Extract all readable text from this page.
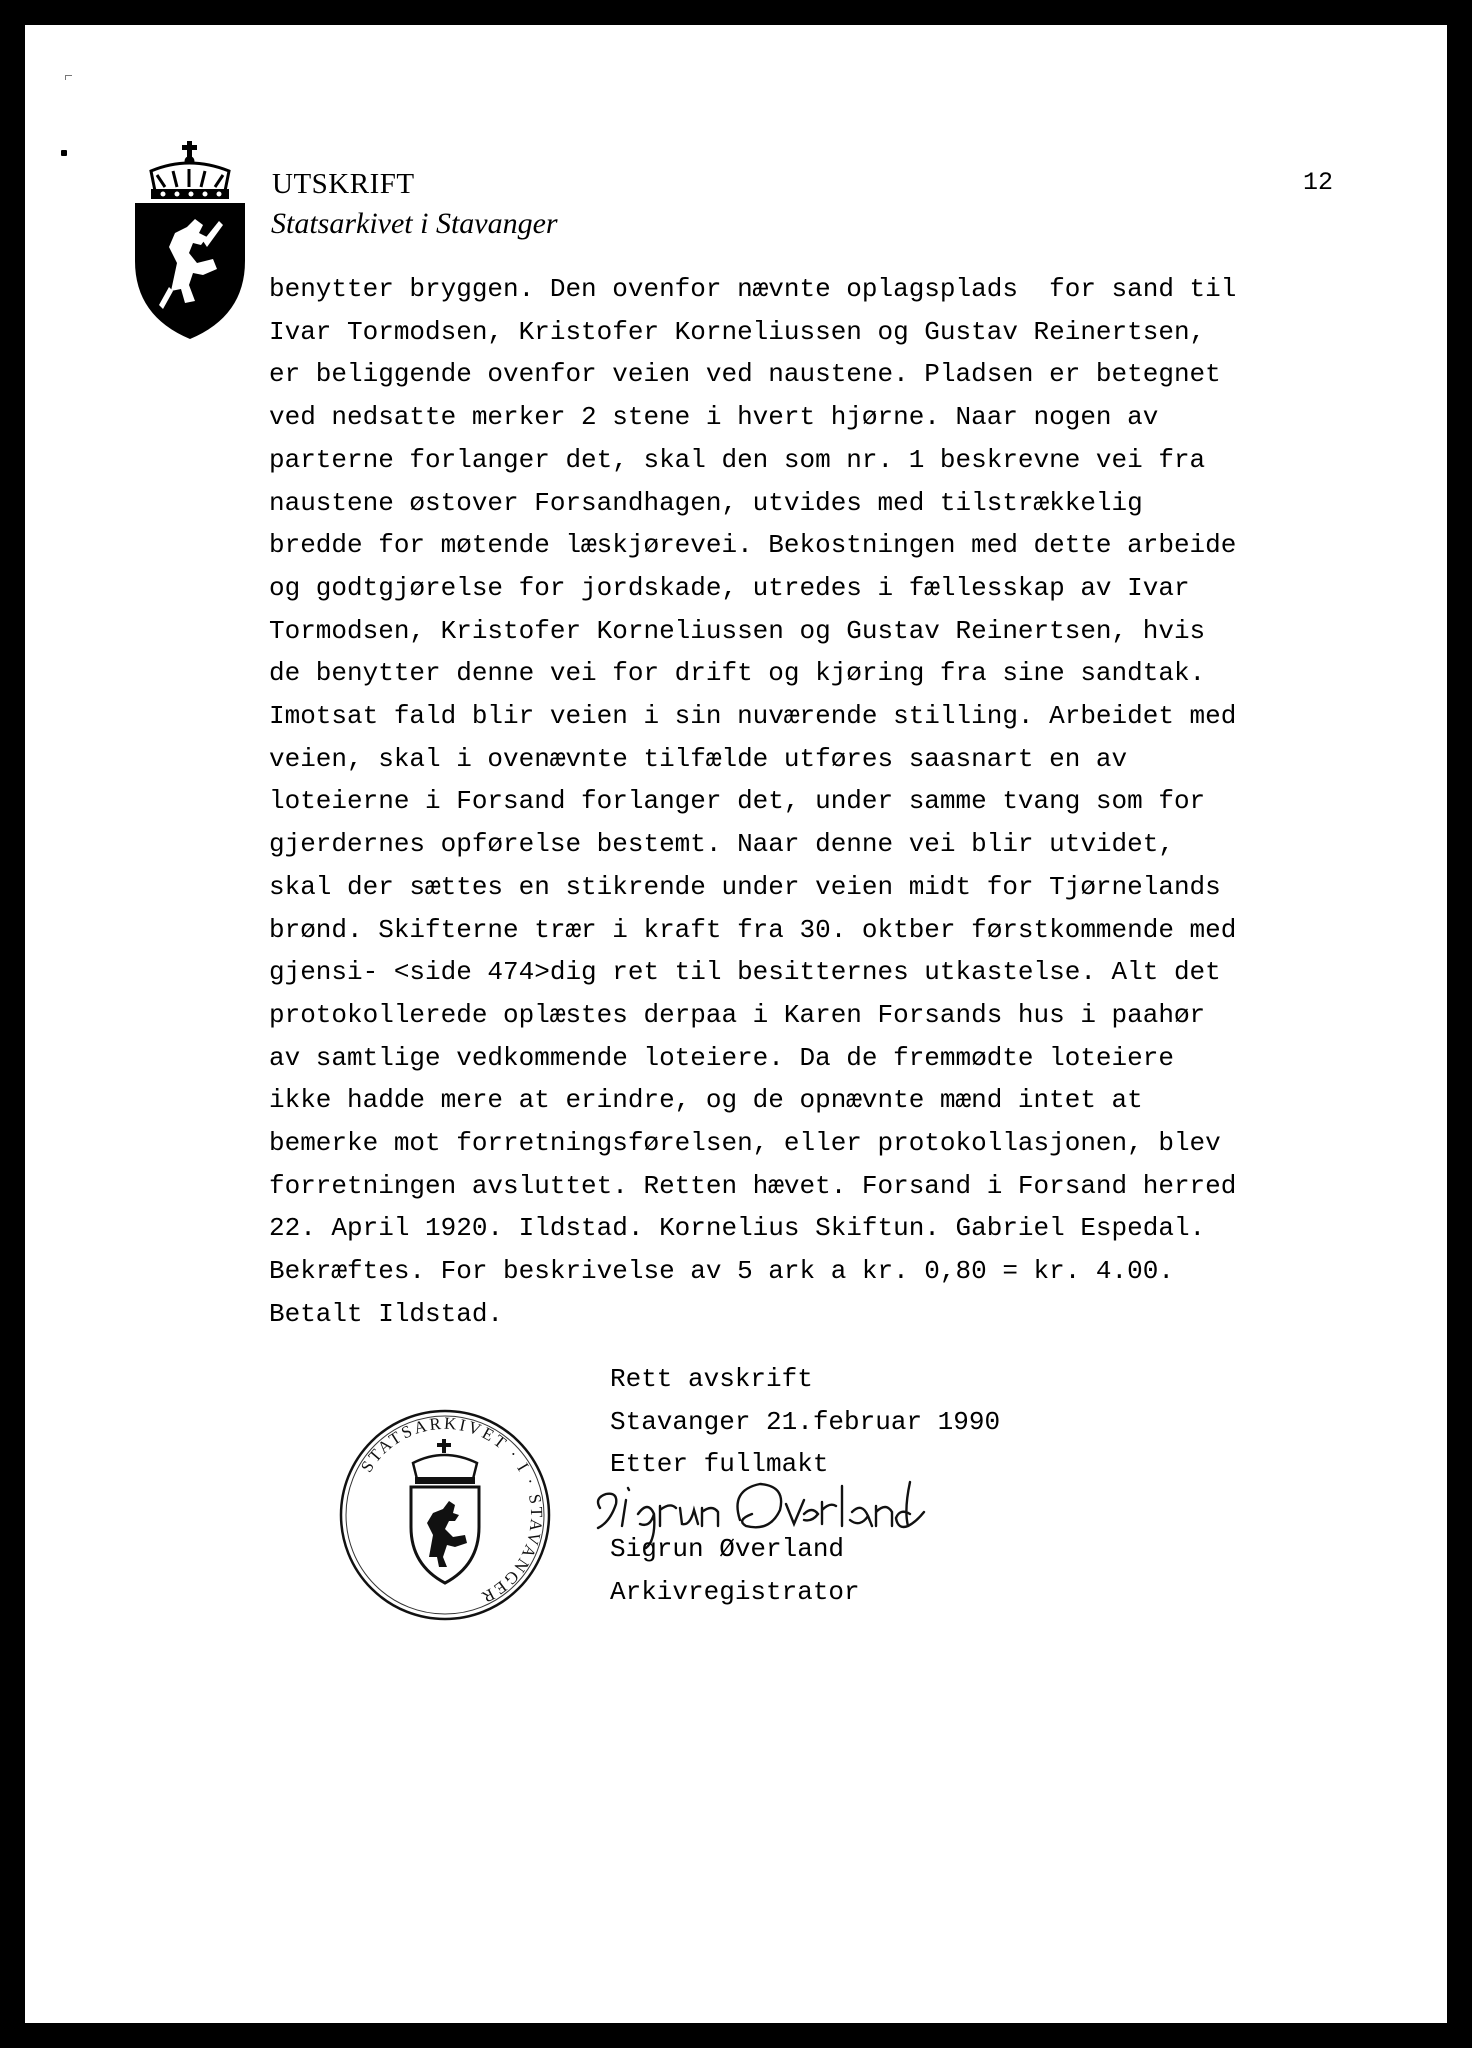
UTSKRIFT
Statsarkivet i Stavanger
12
benytter bryggen. Den ovenfor nævnte oplagsplads  for sand til
Ivar Tormodsen, Kristofer Korneliussen og Gustav Reinertsen,
er beliggende ovenfor veien ved naustene. Pladsen er betegnet
ved nedsatte merker 2 stene i hvert hjørne. Naar nogen av
parterne forlanger det, skal den som nr. 1 beskrevne vei fra
naustene østover Forsandhagen, utvides med tilstrækkelig
bredde for møtende læskjørevei. Bekostningen med dette arbeide
og godtgjørelse for jordskade, utredes i fællesskap av Ivar
Tormodsen, Kristofer Korneliussen og Gustav Reinertsen, hvis
de benytter denne vei for drift og kjøring fra sine sandtak.
Imotsat fald blir veien i sin nuværende stilling. Arbeidet med
veien, skal i ovenævnte tilfælde utføres saasnart en av
loteierne i Forsand forlanger det, under samme tvang som for
gjerdernes opførelse bestemt. Naar denne vei blir utvidet,
skal der sættes en stikrende under veien midt for Tjørnelands
brønd. Skifterne trær i kraft fra 30. oktber førstkommende med
gjensi- <side 474>dig ret til besitternes utkastelse. Alt det
protokollerede oplæstes derpaa i Karen Forsands hus i paahør
av samtlige vedkommende loteiere. Da de fremmødte loteiere
ikke hadde mere at erindre, og de opnævnte mænd intet at
bemerke mot forretningsførelsen, eller protokollasjonen, blev
forretningen avsluttet. Retten hævet. Forsand i Forsand herred
22. April 1920. Ildstad. Kornelius Skiftun. Gabriel Espedal.
Bekræftes. For beskrivelse av 5 ark a kr. 0,80 = kr. 4.00.
Betalt Ildstad.
STATSARKIVET · I · STAVANGER
Rett avskrift
Stavanger 21.februar 1990
Etter fullmakt

Sigrun Øverland
Arkivregistrator
